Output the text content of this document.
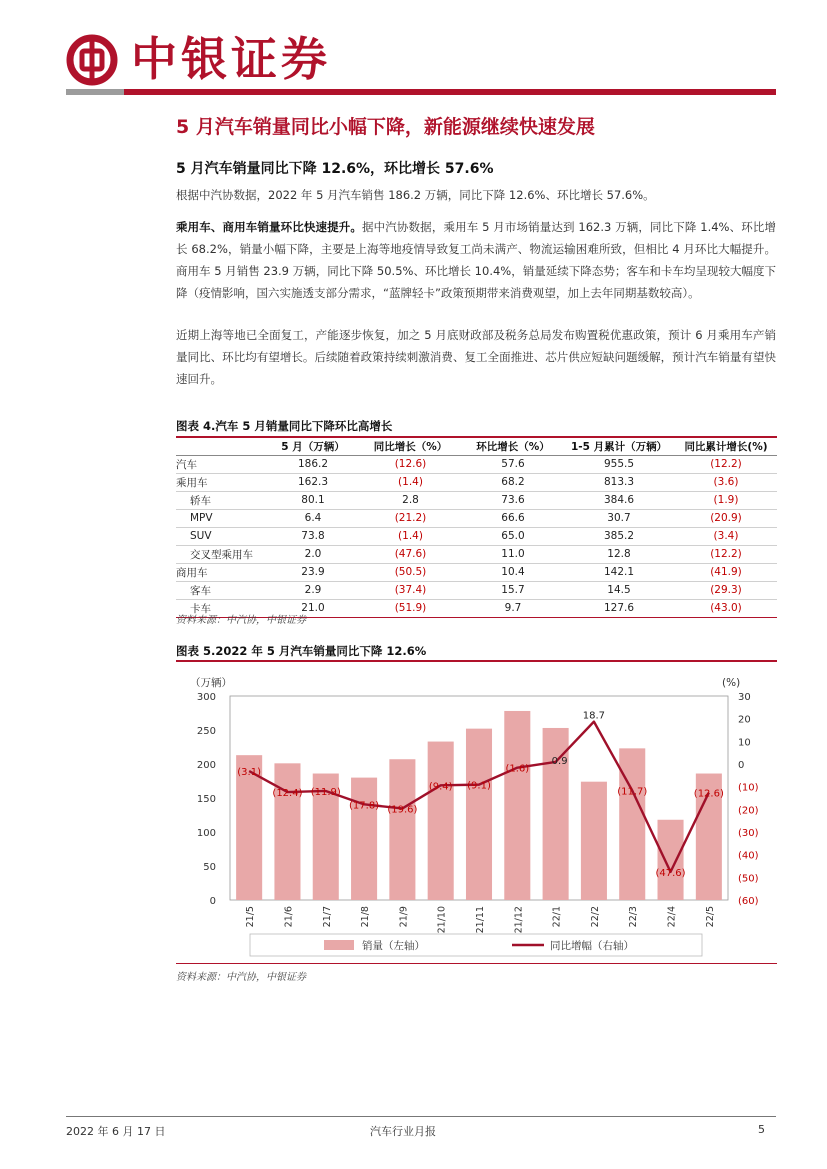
中银证券
5 月汽车销量同比小幅下降，新能源继续快速发展
5 月汽车销量同比下降 12.6%，环比增长 57.6%

根据中汽协数据，2022 年 5 月汽车销售 186.2 万辆，同比下降 12.6%、环比增长 57.6%。

乘用车、商用车销量环比快速提升。据中汽协数据，乘用车 5 月市场销量达到 162.3 万辆，同比下降 1.4%、环比增长 68.2%，销量小幅下降，主要是上海等地疫情导致复工尚未满产、物流运输困难所致，但相比 4 月环比大幅提升。商用车 5 月销售 23.9 万辆，同比下降 50.5%、环比增长 10.4%，销量延续下降态势；客车和卡车均呈现较大幅度下降（疫情影响，国六实施透支部分需求，“蓝牌轻卡”政策预期带来消费观望，加上去年同期基数较高）。

近期上海等地已全面复工，产能逐步恢复，加之 5 月底财政部及税务总局发布购置税优惠政策，预计 6 月乘用车产销量同比、环比均有望增长。后续随着政策持续刺激消费、复工全面推进、芯片供应短缺问题缓解，预计汽车销量有望快速回升。

图表 4.汽车 5 月销量同比下降环比高增长
	5 月（万辆）	同比增长（%）	环比增长（%）	1-5 月累计（万辆）	同比累计增长(%)
汽车	186.2	(12.6)	57.6	955.5	(12.2)
乘用车	162.3	(1.4)	68.2	813.3	(3.6)
轿车	80.1	2.8	73.6	384.6	(1.9)
MPV	6.4	(21.2)	66.6	30.7	(20.9)
SUV	73.8	(1.4)	65.0	385.2	(3.4)
交叉型乘用车	2.0	(47.6)	11.0	12.8	(12.2)
商用车	23.9	(50.5)	10.4	142.1	(41.9)
客车	2.9	(37.4)	15.7	14.5	(29.3)
卡车	21.0	(51.9)	9.7	127.6	(43.0)
资料来源：中汽协，中银证券
图表 5.2022 年 5 月汽车销量同比下降 12.6%
0
50
100
150
200
250
300
（万辆）
(60)
(50)
(40)
(30)
(20)
(10)
0
10
20
30
(%)
21/5	21/6	21/7	21/8	21/9	21/10	21/11	21/12	22/1	22/2	22/3	22/4	22/5
(3.1)
(12.4) (11.9)
(17.8) (19.6)
(9.4) (9.1)
(1.6)
0.9
18.7
(11.7)
(47.6)
(12.6)
销量（左轴）	同比增幅（右轴）
资料来源：中汽协，中银证券
2022 年 6 月 17 日	汽车行业月报	5
